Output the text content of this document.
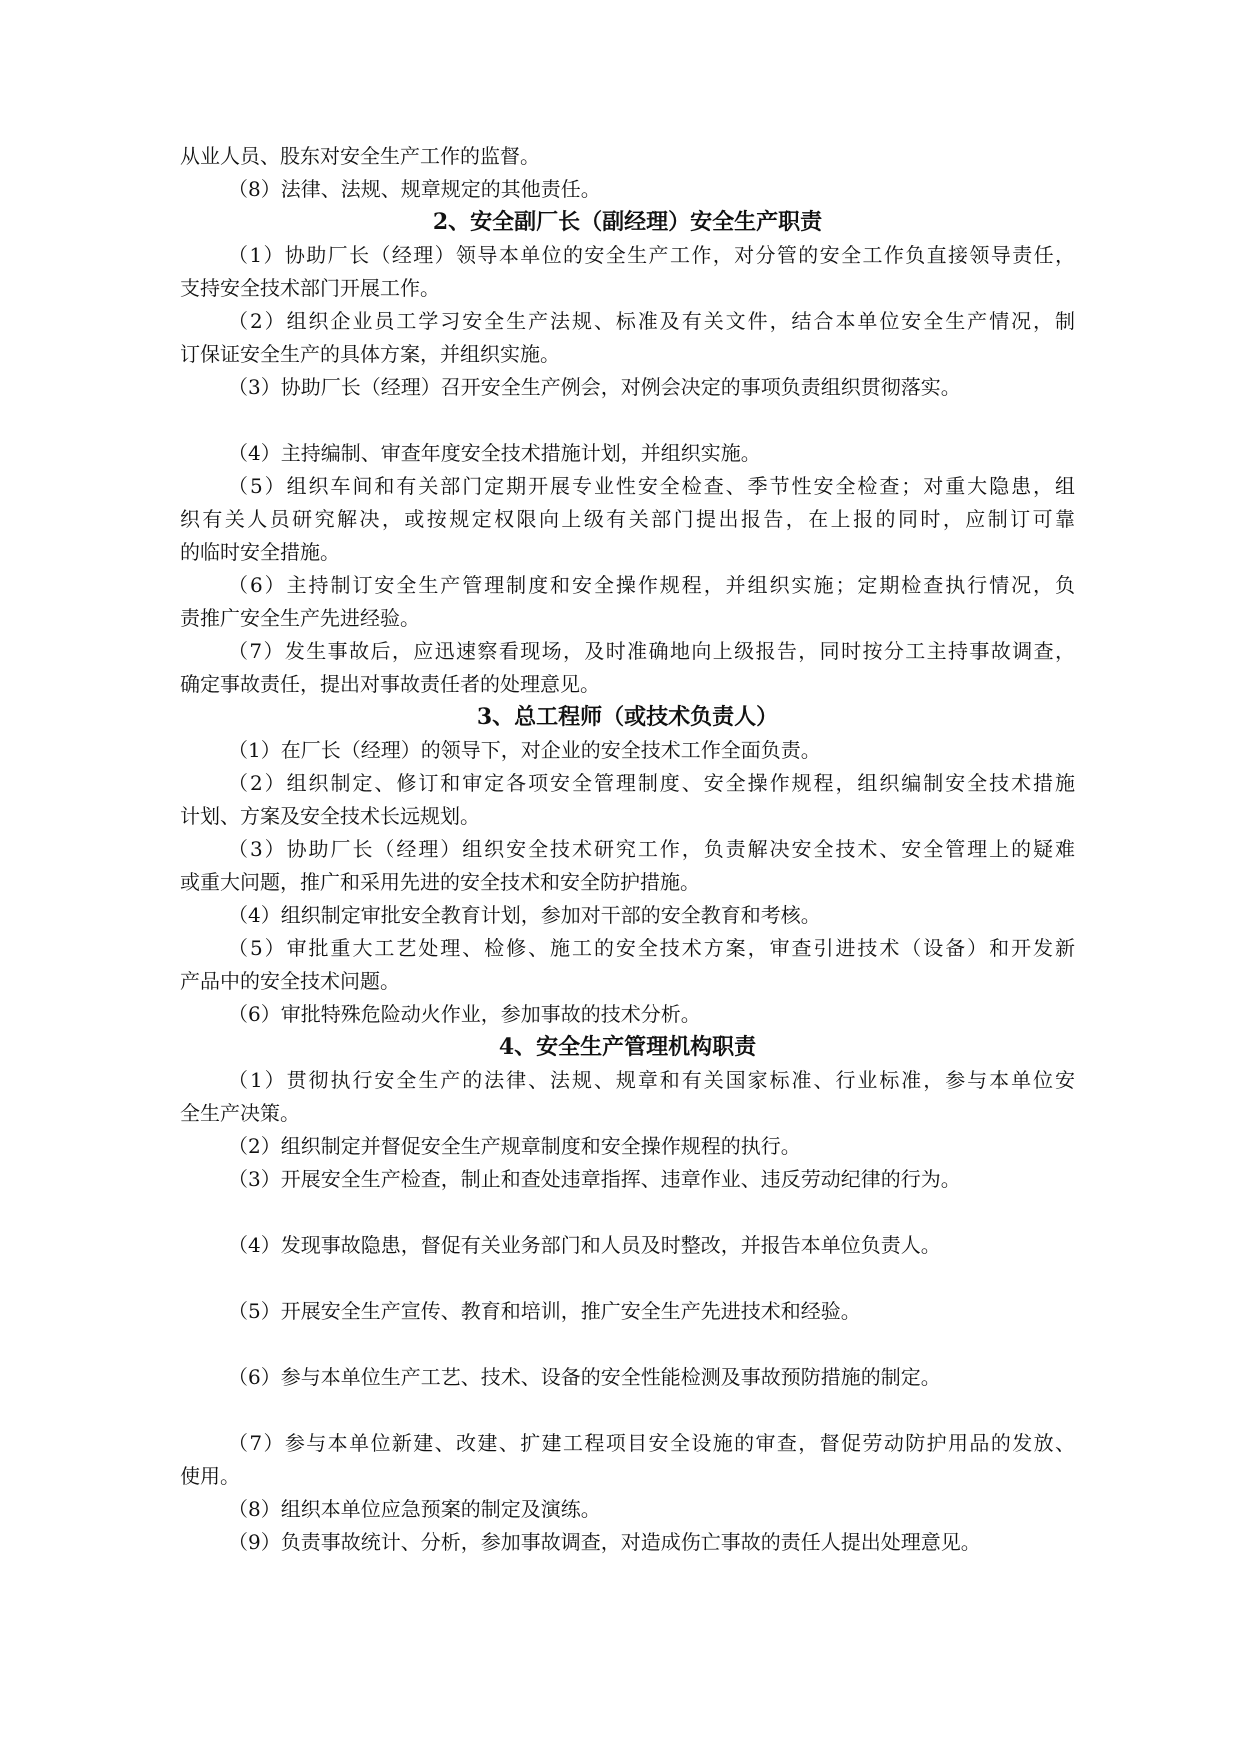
从业人员、股东对安全生产工作的监督。
（8）法律、法规、规章规定的其他责任。
2、安全副厂长（副经理）安全生产职责
（1）协助厂长（经理）领导本单位的安全生产工作，对分管的安全工作负直接领导责任，
支持安全技术部门开展工作。
（2）组织企业员工学习安全生产法规、标准及有关文件，结合本单位安全生产情况，制
订保证安全生产的具体方案，并组织实施。
（3）协助厂长（经理）召开安全生产例会，对例会决定的事项负责组织贯彻落实。
（4）主持编制、审查年度安全技术措施计划，并组织实施。
（5）组织车间和有关部门定期开展专业性安全检查、季节性安全检查；对重大隐患，组
织有关人员研究解决，或按规定权限向上级有关部门提出报告，在上报的同时，应制订可靠
的临时安全措施。
（6）主持制订安全生产管理制度和安全操作规程，并组织实施；定期检查执行情况，负
责推广安全生产先进经验。
（7）发生事故后，应迅速察看现场，及时准确地向上级报告，同时按分工主持事故调查，
确定事故责任，提出对事故责任者的处理意见。
3、总工程师（或技术负责人）
（1）在厂长（经理）的领导下，对企业的安全技术工作全面负责。
（2）组织制定、修订和审定各项安全管理制度、安全操作规程，组织编制安全技术措施
计划、方案及安全技术长远规划。
（3）协助厂长（经理）组织安全技术研究工作，负责解决安全技术、安全管理上的疑难
或重大问题，推广和采用先进的安全技术和安全防护措施。
（4）组织制定审批安全教育计划，参加对干部的安全教育和考核。
（5）审批重大工艺处理、检修、施工的安全技术方案，审查引进技术（设备）和开发新
产品中的安全技术问题。
（6）审批特殊危险动火作业，参加事故的技术分析。
4、安全生产管理机构职责
（1）贯彻执行安全生产的法律、法规、规章和有关国家标准、行业标准，参与本单位安
全生产决策。
（2）组织制定并督促安全生产规章制度和安全操作规程的执行。
（3）开展安全生产检查，制止和查处违章指挥、违章作业、违反劳动纪律的行为。
（4）发现事故隐患，督促有关业务部门和人员及时整改，并报告本单位负责人。
（5）开展安全生产宣传、教育和培训，推广安全生产先进技术和经验。
（6）参与本单位生产工艺、技术、设备的安全性能检测及事故预防措施的制定。
（7）参与本单位新建、改建、扩建工程项目安全设施的审查，督促劳动防护用品的发放、
使用。
（8）组织本单位应急预案的制定及演练。
（9）负责事故统计、分析，参加事故调查，对造成伤亡事故的责任人提出处理意见。
